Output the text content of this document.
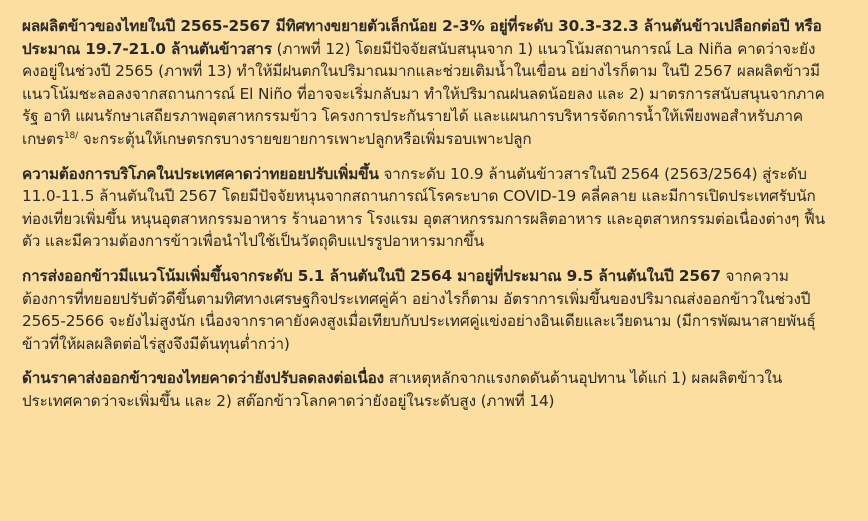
ผลผลิตข้าวของไทยในปี 2565-2567 มีทิศทางขยายตัวเล็กน้อย 2-3% อยู่ที่ระดับ 30.3-32.3 ล้านตันข้าวเปลือกต่อปี หรือประมาณ 19.7-21.0 ล้านตันข้าวสาร (ภาพที่ 12) โดยมีปัจจัยสนับสนุนจาก 1) แนวโน้มสถานการณ์ La Niña คาดว่าจะยังคงอยู่ในช่วงปี 2565 (ภาพที่ 13) ทำให้มีฝนตกในปริมาณมากและช่วยเติมน้ำในเขื่อน อย่างไรก็ตาม ในปี 2567 ผลผลิตข้าวมีแนวโน้มชะลอลงจากสถานการณ์ El Niño ที่อาจจะเริ่มกลับมา ทำให้ปริมาณฝนลดน้อยลง และ 2) มาตรการสนับสนุนจากภาครัฐ อาทิ แผนรักษาเสถียรภาพอุตสาหกรรมข้าว โครงการประกันรายได้ และแผนการบริหารจัดการน้ำให้เพียงพอสำหรับภาคเกษตร$^{18/}$ จะกระตุ้นให้เกษตรกรบางรายขยายการเพาะปลูกหรือเพิ่มรอบเพาะปลูก

ความต้องการบริโภคในประเทศคาดว่าทยอยปรับเพิ่มขึ้น จากระดับ 10.9 ล้านตันข้าวสารในปี 2564 (2563/2564) สู่ระดับ 11.0-11.5 ล้านตันในปี 2567 โดยมีปัจจัยหนุนจากสถานการณ์โรคระบาด COVID-19 คลี่คลาย และมีการเปิดประเทศรับนักท่องเที่ยวเพิ่มขึ้น หนุนอุตสาหกรรมอาหาร ร้านอาหาร โรงแรม อุตสาหกรรมการผลิตอาหาร และอุตสาหกรรมต่อเนื่องต่างๆ ฟื้นตัว และมีความต้องการข้าวเพื่อนำไปใช้เป็นวัตถุดิบแปรรูปอาหารมากขึ้น

การส่งออกข้าวมีแนวโน้มเพิ่มขึ้นจากระดับ 5.1 ล้านตันในปี 2564 มาอยู่ที่ประมาณ 9.5 ล้านตันในปี 2567 จากความต้องการที่ทยอยปรับตัวดีขึ้นตามทิศทางเศรษฐกิจประเทศคู่ค้า อย่างไรก็ตาม อัตราการเพิ่มขึ้นของปริมาณส่งออกข้าวในช่วงปี 2565-2566 จะยังไม่สูงนัก เนื่องจากราคายังคงสูงเมื่อเทียบกับประเทศคู่แข่งอย่างอินเดียและเวียดนาม (มีการพัฒนาสายพันธุ์ข้าวที่ให้ผลผลิตต่อไร่สูงจึงมีต้นทุนต่ำกว่า)

ด้านราคาส่งออกข้าวของไทยคาดว่ายังปรับลดลงต่อเนื่อง สาเหตุหลักจากแรงกดดันด้านอุปทาน ได้แก่ 1) ผลผลิตข้าวในประเทศคาดว่าจะเพิ่มขึ้น และ 2) สต๊อกข้าวโลกคาดว่ายังอยู่ในระดับสูง (ภาพที่ 14)
